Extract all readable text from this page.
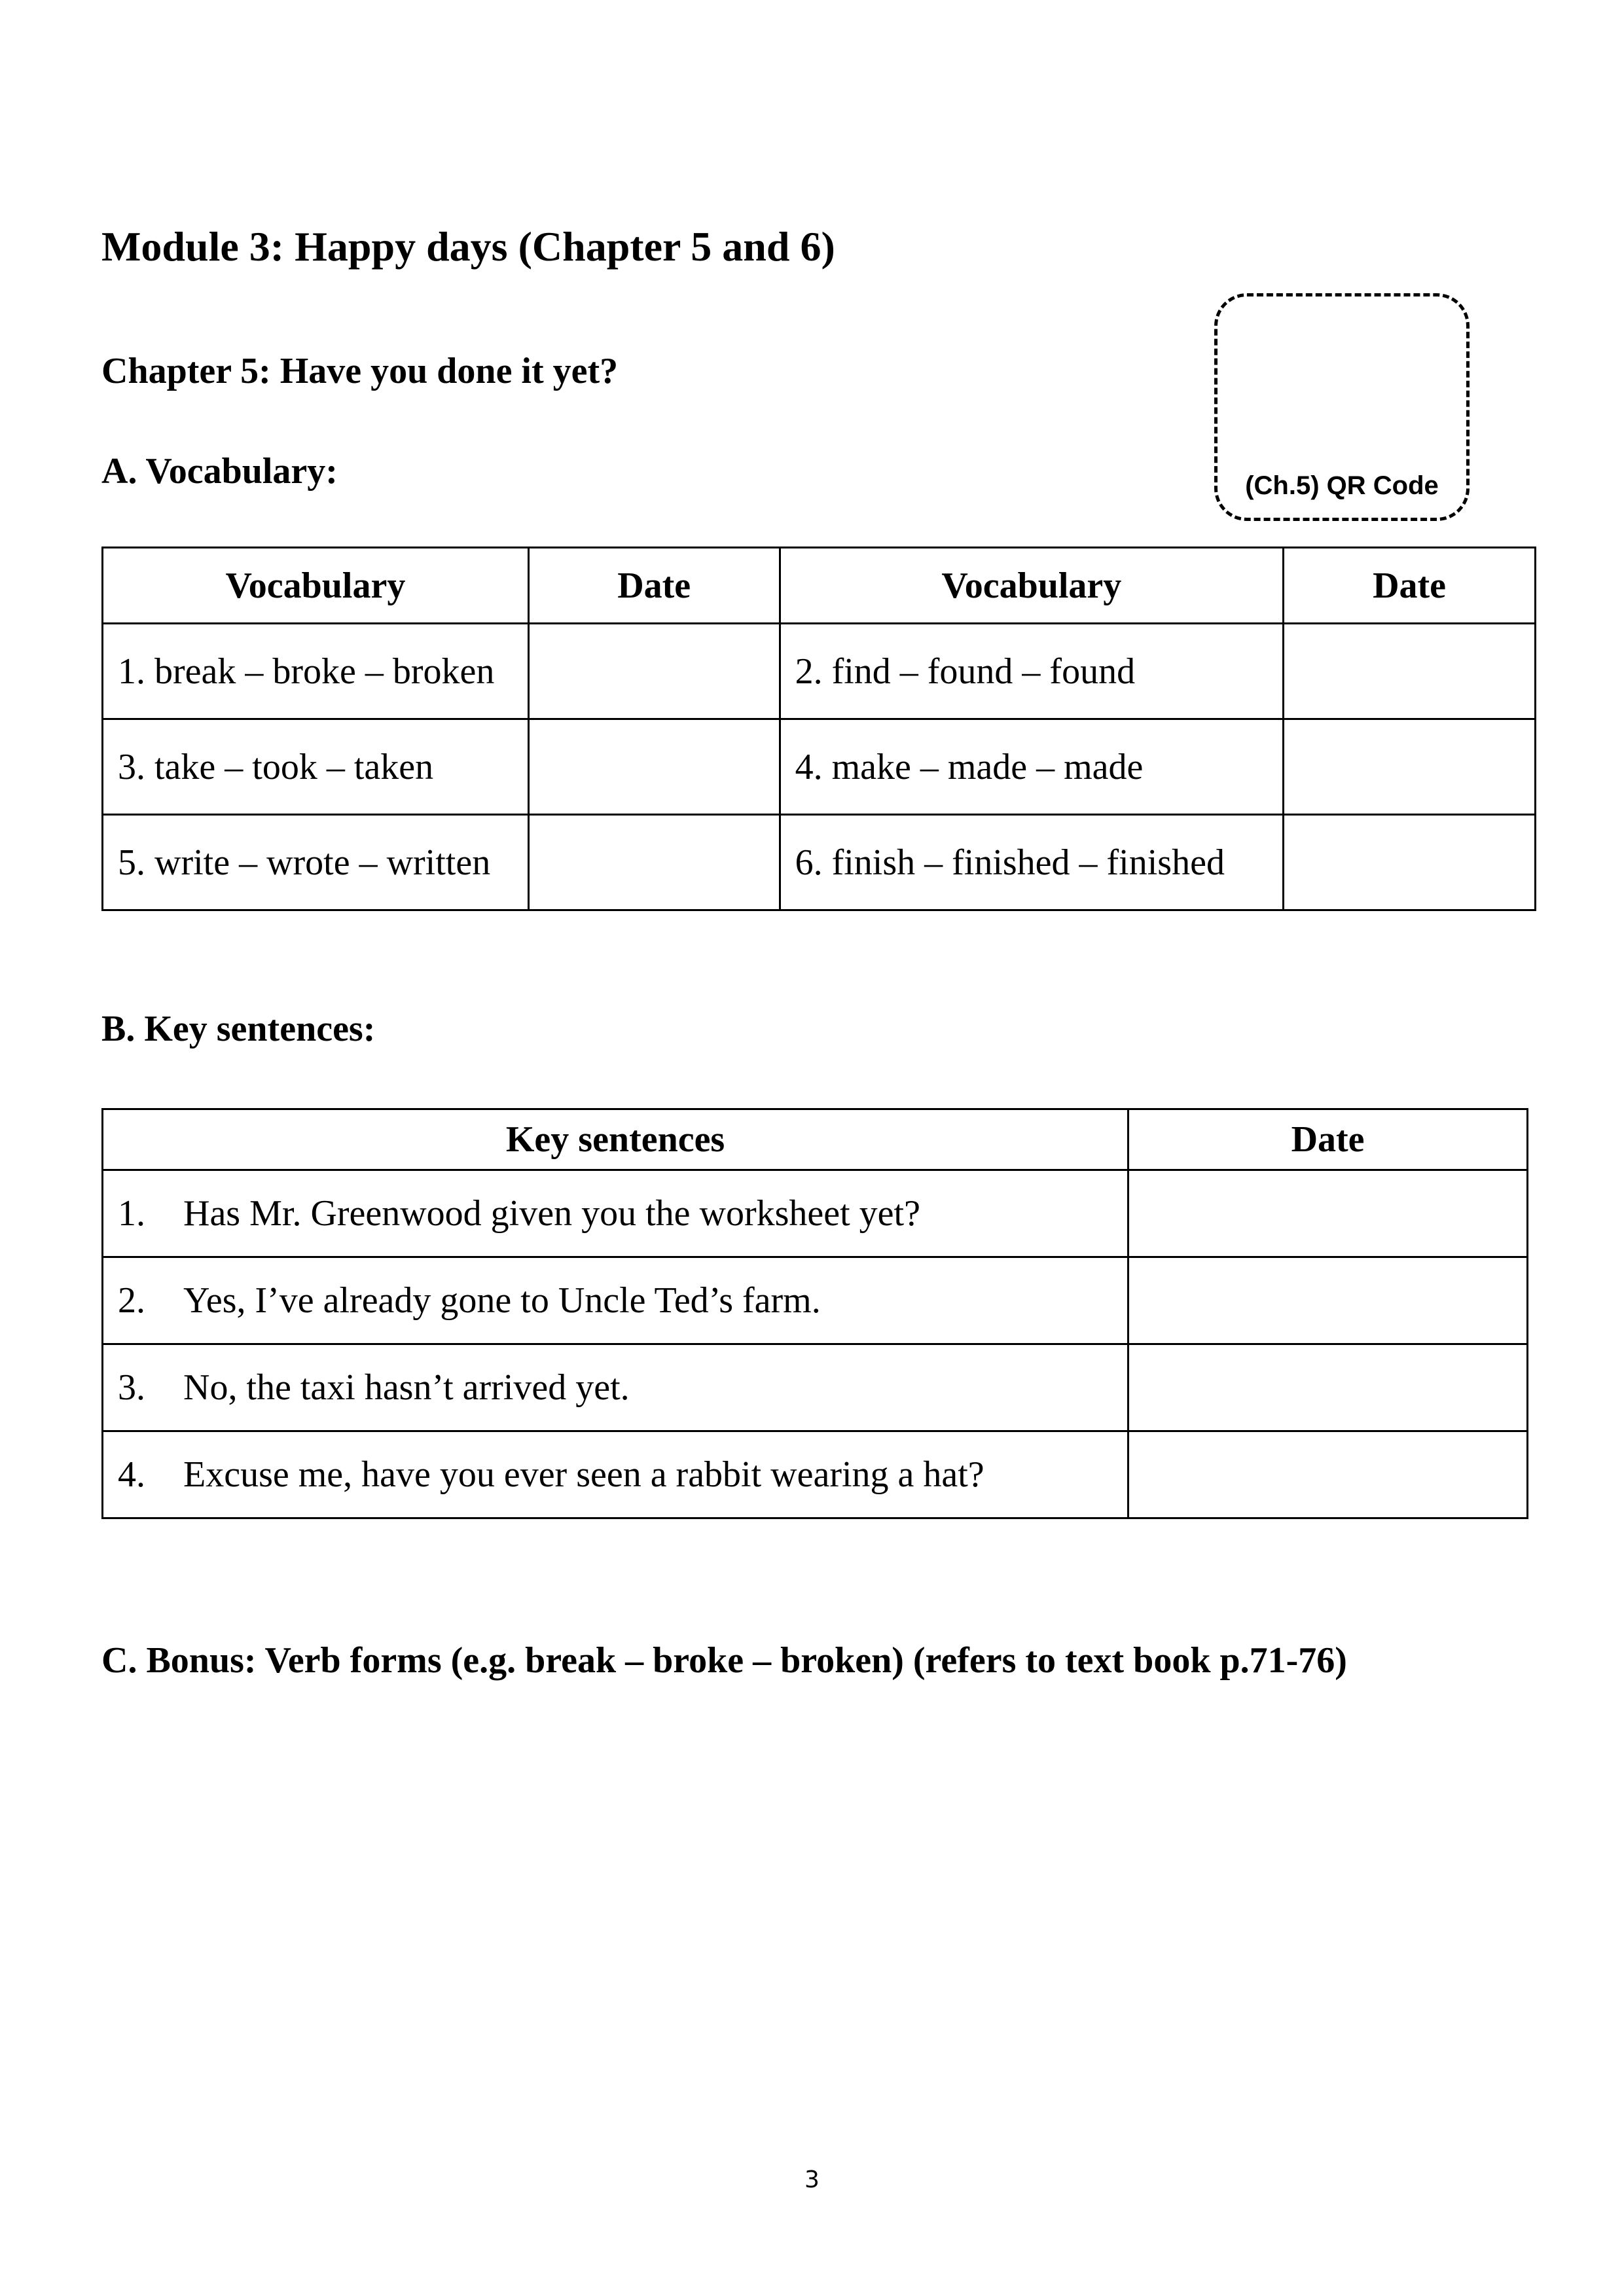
Module 3: Happy days (Chapter 5 and 6)
Chapter 5: Have you done it yet?
(Ch.5) QR Code
A. Vocabulary:
Vocabulary	Date	Vocabulary	Date
1. break – broke – broken		2. find – found – found	
3. take – took – taken		4. make – made – made	
5. write – wrote – written		6. finish – finished – finished	
B. Key sentences:
Key sentences	Date
1. Has Mr. Greenwood given you the worksheet yet?	
2. Yes, I’ve already gone to Uncle Ted’s farm.	
3. No, the taxi hasn’t arrived yet.	
4. Excuse me, have you ever seen a rabbit wearing a hat?	
C. Bonus: Verb forms (e.g. break – broke – broken) (refers to text book p.71-76)
3
